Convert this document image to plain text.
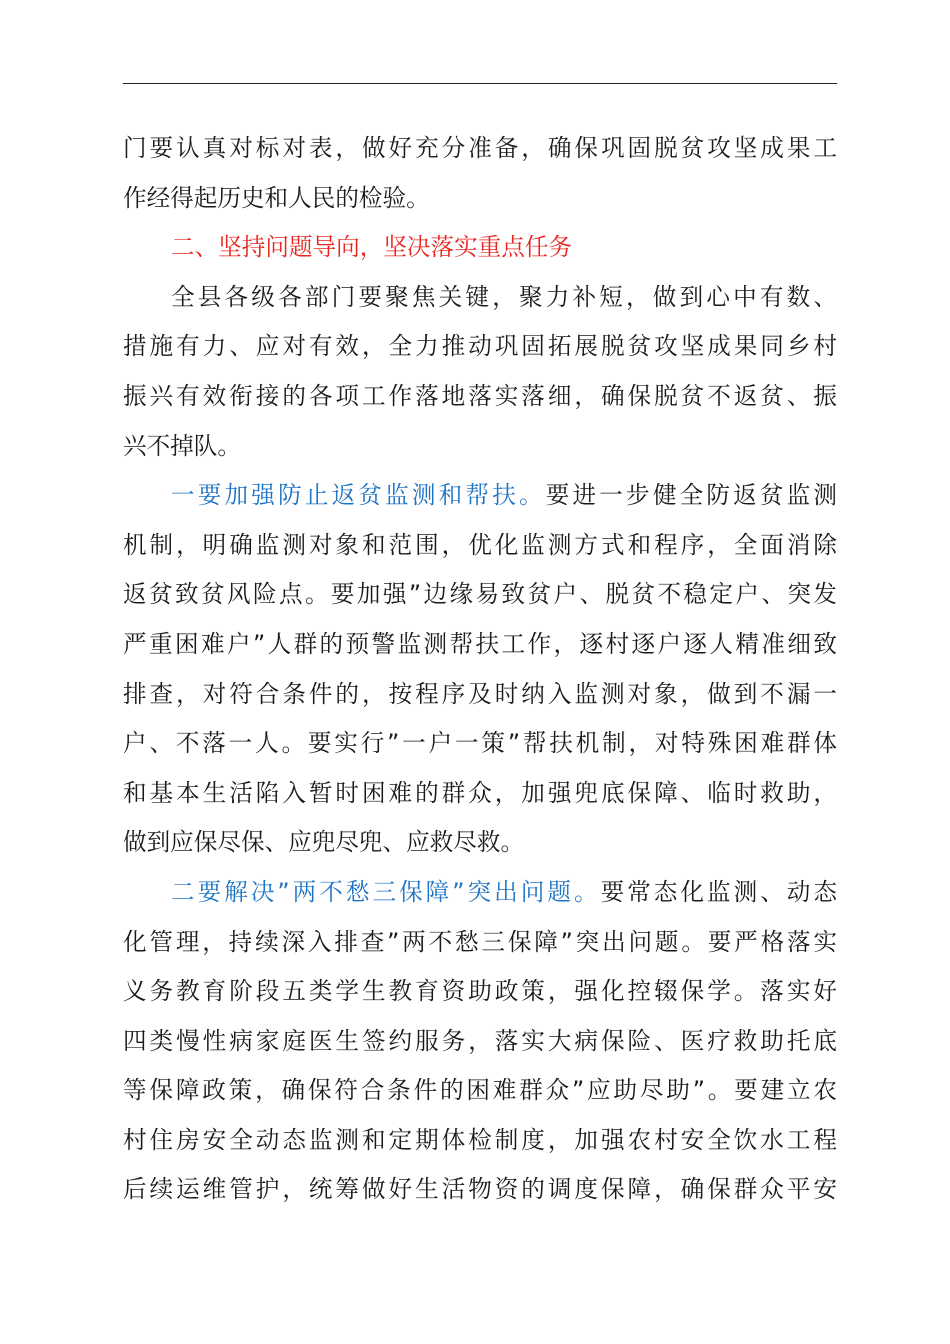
门要认真对标对表，做好充分准备，确保巩固脱贫攻坚成果工
作经得起历史和人民的检验。
二、坚持问题导向，坚决落实重点任务
全县各级各部门要聚焦关键，聚力补短，做到心中有数、
措施有力、应对有效，全力推动巩固拓展脱贫攻坚成果同乡村
振兴有效衔接的各项工作落地落实落细，确保脱贫不返贫、振
兴不掉队。
一要加强防止返贫监测和帮扶。要进一步健全防返贫监测
机制，明确监测对象和范围，优化监测方式和程序，全面消除
返贫致贫风险点。要加强”边缘易致贫户、脱贫不稳定户、突发
严重困难户”人群的预警监测帮扶工作，逐村逐户逐人精准细致
排查，对符合条件的，按程序及时纳入监测对象，做到不漏一
户、不落一人。要实行”一户一策”帮扶机制，对特殊困难群体
和基本生活陷入暂时困难的群众，加强兜底保障、临时救助，
做到应保尽保、应兜尽兜、应救尽救。
二要解决”两不愁三保障”突出问题。要常态化监测、动态
化管理，持续深入排查”两不愁三保障”突出问题。要严格落实
义务教育阶段五类学生教育资助政策，强化控辍保学。落实好
四类慢性病家庭医生签约服务，落实大病保险、医疗救助托底
等保障政策，确保符合条件的困难群众”应助尽助”。要建立农
村住房安全动态监测和定期体检制度，加强农村安全饮水工程
后续运维管护，统筹做好生活物资的调度保障，确保群众平安
